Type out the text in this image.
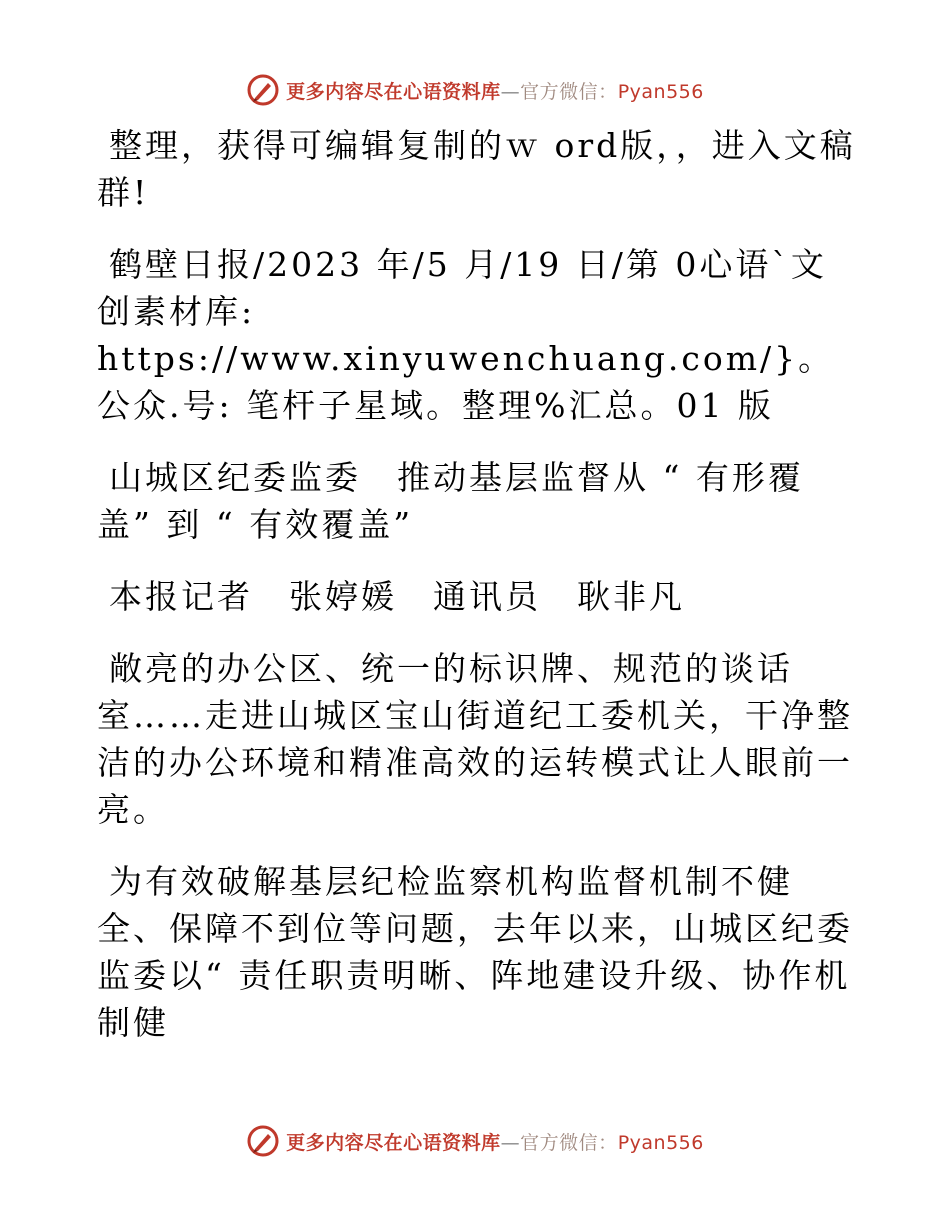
更多内容尽在心语资料库—官方微信：Pyan556

整理，获得可编辑复制的ｗ ord版，，进入文稿群!

鹤壁日报/2023 年/5 月/19 日/第 0心语`文创素材库: https://www.xinyuwenchuang.com/}。公众.号: 笔杆子星域。整理%汇总。01 版

山城区纪委监委　推动基层监督从 “ 有形覆盖” 到 “ 有效覆盖”

本报记者　张婷媛　通讯员　耿非凡

敞亮的办公区、统一的标识牌、规范的谈话室……走进山城区宝山街道纪工委机关，干净整洁的办公环境和精准高效的运转模式让人眼前一亮。

为有效破解基层纪检监察机构监督机制不健全、保障不到位等问题，去年以来，山城区纪委监委以“ 责任职责明晰、阵地建设升级、协作机制健

更多内容尽在心语资料库—官方微信：Pyan556
